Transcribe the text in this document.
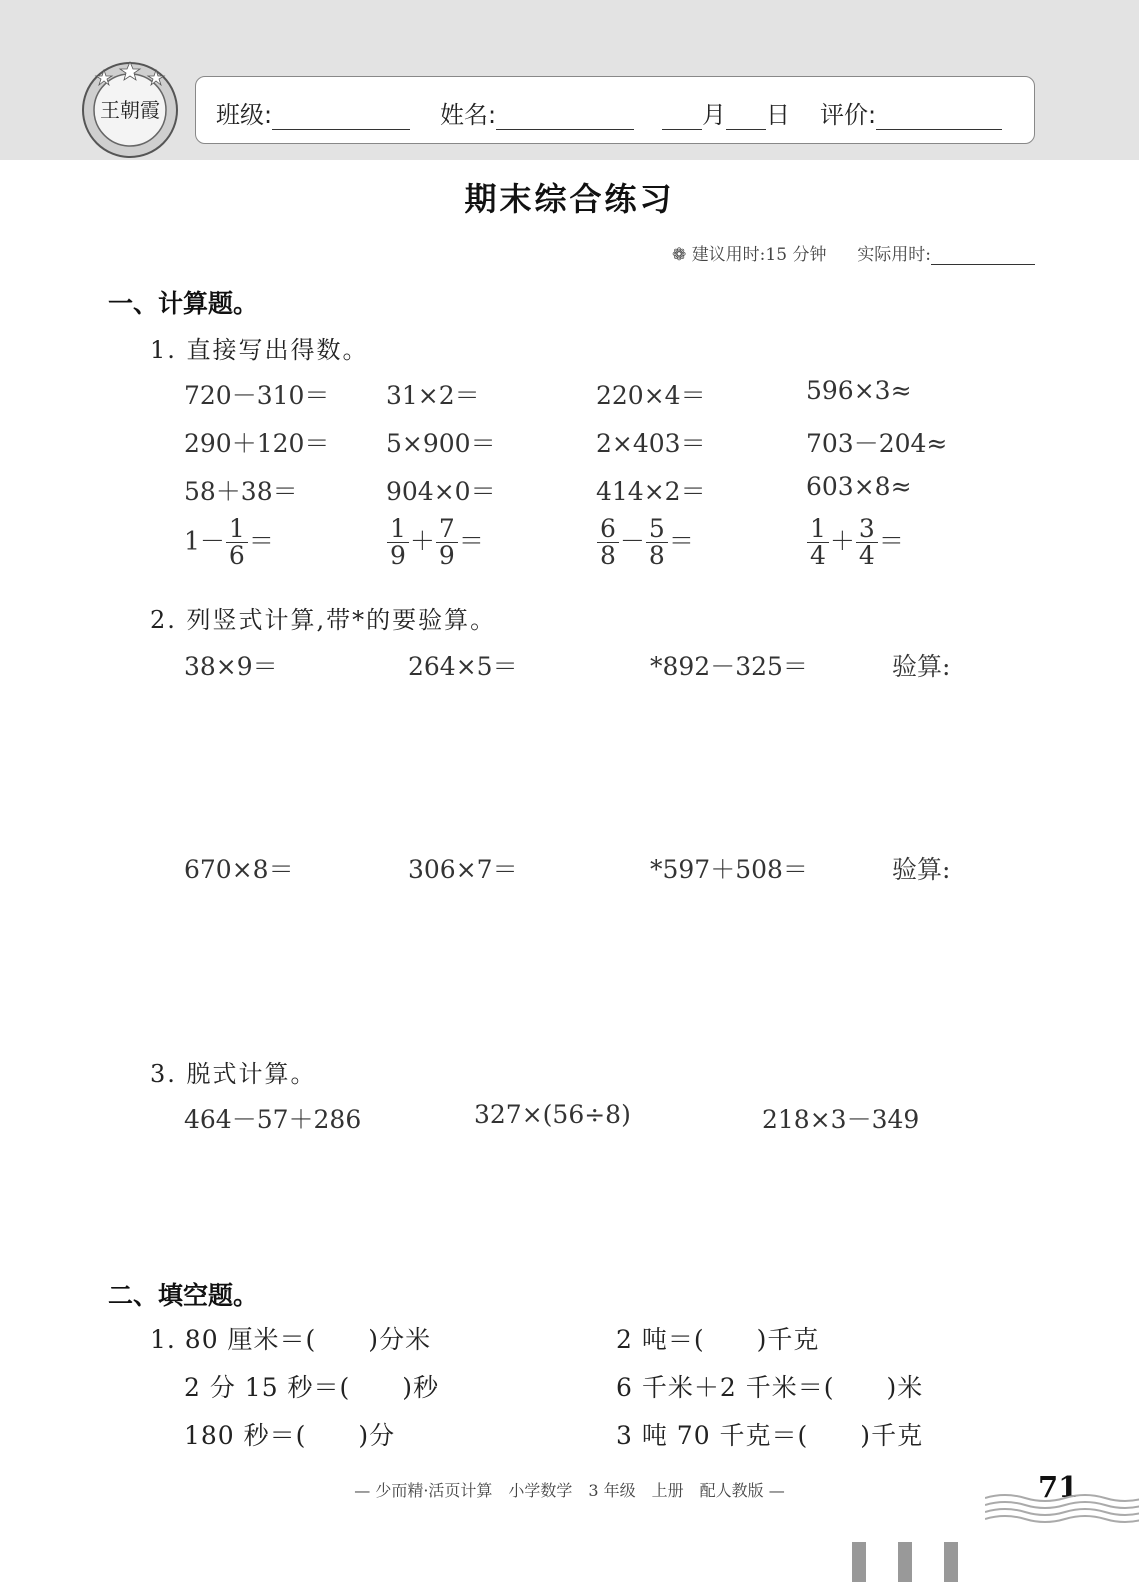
王朝霞 班级:	姓名:	月 日 评价:
期末综合练习
❁ 建议用时:15 分钟 实际用时:
一、计算题。
1. 直接写出得数。
720－310＝ 31×2＝	220×4＝	596×3≈
290＋120＝ 5×900＝	2×403＝	703－204≈
58＋38＝	904×0＝	414×2＝	603×8≈
$1- \frac{1}{6}$ ＝	$\frac{1}{9} + \frac{7}{9}$ ＝	$\frac{6}{8} - \frac{5}{8}$ ＝	$\frac{1}{4} + \frac{3}{4}$ ＝
2. 列竖式计算,带*的要验算。
38×9＝	264×5＝	*892－325＝	验算:
670×8＝	306×7＝	*597＋508＝	验算:
3. 脱式计算。
464－57＋286	327×(56÷8)	218×3－349
二、填空题。
1. 80 厘米＝(　　)分米	2 吨＝(　　)千克
2 分 15 秒＝(　　)秒	6 千米＋2 千米＝(　　)米
180 秒＝(　　)分	3 吨 70 千克＝(　　)千克
— 少而精·活页计算　小学数学　3 年级　上册　配人教版 —	71
